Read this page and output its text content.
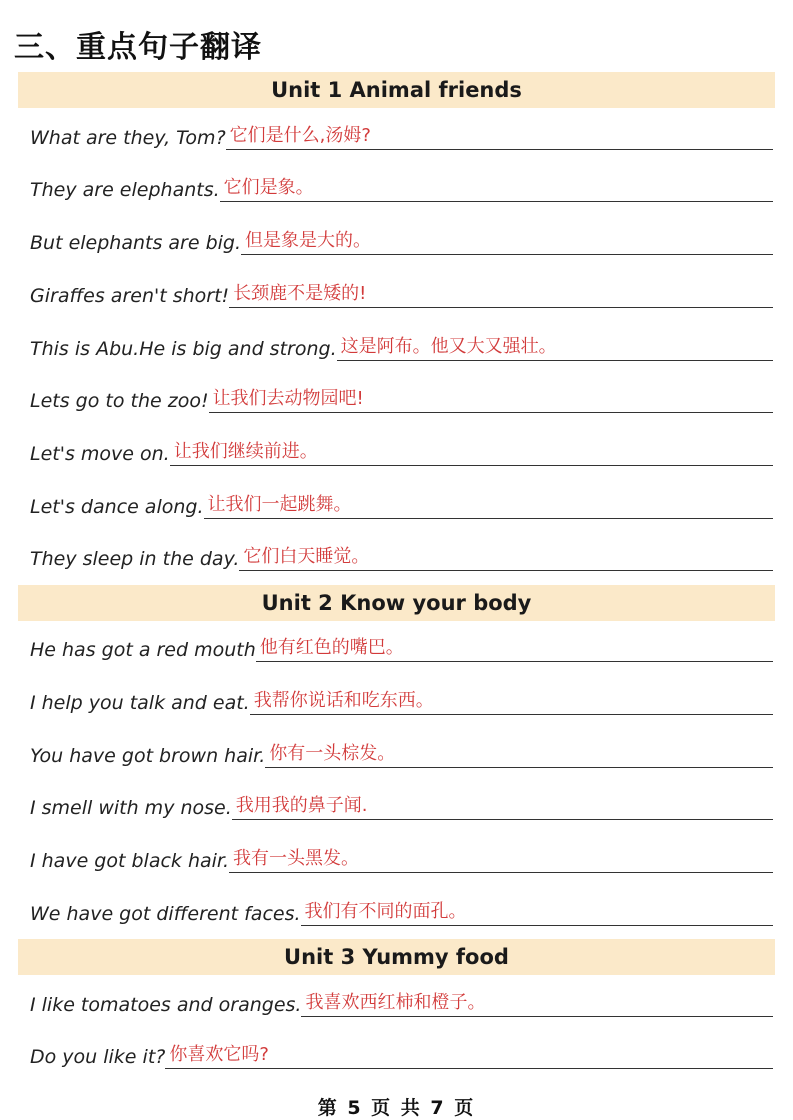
三、重点句子翻译
Unit 1 Animal friends
What are they, Tom? 它们是什么,汤姆?
They are elephants. 它们是象。
But elephants are big. 但是象是大的。
Giraffes aren't short! 长颈鹿不是矮的!
This is Abu.He is big and strong. 这是阿布。他又大又强壮。
Lets go to the zoo! 让我们去动物园吧!
Let's move on. 让我们继续前进。
Let's dance along. 让我们一起跳舞。
They sleep in the day. 它们白天睡觉。
Unit 2 Know your body
He has got a red mouth 他有红色的嘴巴。
I help you talk and eat. 我帮你说话和吃东西。
You have got brown hair. 你有一头棕发。
I smell with my nose. 我用我的鼻子闻.
I have got black hair. 我有一头黑发。
We have got different faces. 我们有不同的面孔。
Unit 3 Yummy food
I like tomatoes and oranges. 我喜欢西红柿和橙子。
Do you like it? 你喜欢它吗?
第 5 页 共 7 页
